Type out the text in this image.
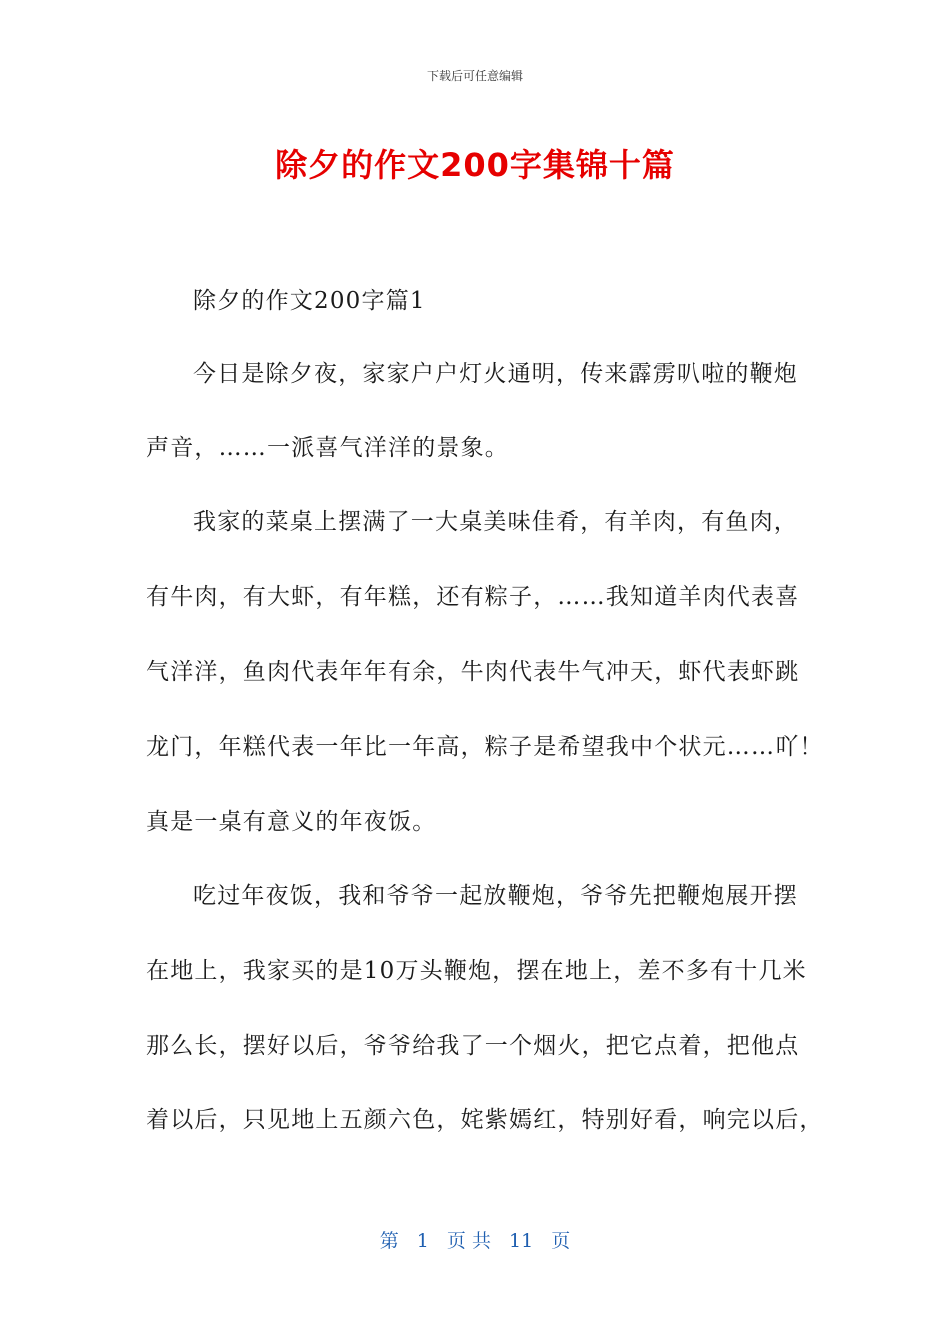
下载后可任意编辑
除夕的作文200字集锦十篇
除夕的作文200字篇1
今日是除夕夜，家家户户灯火通明，传来霹雳叭啦的鞭炮
声音，……一派喜气洋洋的景象。
我家的菜桌上摆满了一大桌美味佳肴，有羊肉，有鱼肉，
有牛肉，有大虾，有年糕，还有粽子，……我知道羊肉代表喜
气洋洋，鱼肉代表年年有余，牛肉代表牛气冲天，虾代表虾跳
龙门，年糕代表一年比一年高，粽子是希望我中个状元……吖！
真是一桌有意义的年夜饭。
吃过年夜饭，我和爷爷一起放鞭炮，爷爷先把鞭炮展开摆
在地上，我家买的是10万头鞭炮，摆在地上，差不多有十几米
那么长，摆好以后，爷爷给我了一个烟火，把它点着，把他点
着以后，只见地上五颜六色，姹紫嫣红，特别好看，响完以后，
第 1 页 共 11 页
